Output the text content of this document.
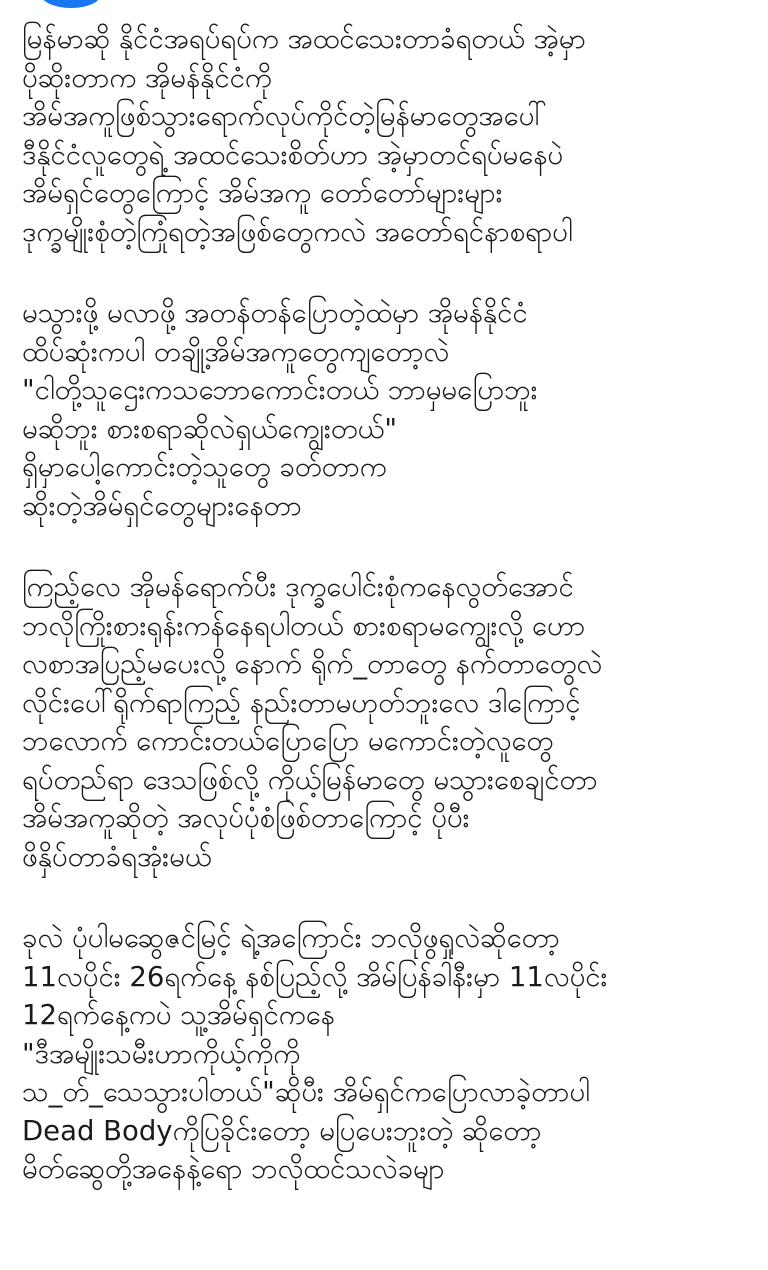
မြန်မာဆို နိုင်ငံအရပ်ရပ်က အထင်သေးတာခံရတယ် အဲ့မှာ
ပိုဆိုးတာက အိုမန်နိုင်ငံကို
အိမ်အကူဖြစ်သွားရောက်လုပ်ကိုင်တဲ့မြန်မာတွေအပေါ်
ဒီနိုင်ငံလူတွေရဲ့ အထင်သေးစိတ်ဟာ အဲ့မှာတင်ရပ်မနေပဲ
အိမ်ရှင်တွေကြောင့် အိမ်အကူ တော်တော်များများ
ဒုက္ခမျိုးစုံတဲ့ကြုံရတဲ့အဖြစ်တွေကလဲ အတော်ရင်နာစရာပါ

မသွားဖို့ မလာဖို့ အတန်တန်ပြောတဲ့ထဲမှာ အိုမန်နိုင်ငံ
ထိပ်ဆုံးကပါ တချို့အိမ်အကူတွေကျတော့လဲ
"ငါတို့သူဌေးကသဘောကောင်းတယ် ဘာမှမပြောဘူး
မဆိုဘူး စားစရာဆိုလဲရှယ်ကျွေးတယ်"
ရှိမှာပေါ့ကောင်းတဲ့သူတွေ ခတ်တာက
ဆိုးတဲ့အိမ်ရှင်တွေများနေတာ

ကြည့်လေ အိုမန်ရောက်ပီး ဒုက္ခပေါင်းစုံကနေလွတ်အောင်
ဘလိုကြိုးစားရုန်းကန်နေရပါတယ် စားစရာမကျွေးလို့ ဟော
လစာအပြည့်မပေးလို့ နောက် ရိုက်_တာတွေ နက်တာတွေလဲ
လိုင်းပေါ်ရိုက်ရာကြည့် နည်းတာမဟုတ်ဘူးလေ ဒါကြောင့်
ဘလောက် ကောင်းတယ်ပြောပြော မကောင်းတဲ့လူတွေ
ရပ်တည်ရာ ဒေသဖြစ်လို့ ကိုယ့်မြန်မာတွေ မသွားစေချင်တာ
အိမ်အကူဆိုတဲ့ အလုပ်ပုံစံဖြစ်တာကြောင့် ပိုပီး
ဖိနှိပ်တာခံရအုံးမယ်

ခုလဲ ပုံပါမဆွေဇင်မြင့် ရဲ့အကြောင်း ဘလိုဖွရှုလဲဆိုတော့
11လပိုင်း 26ရက်နေ့ နစ်ပြည့်လို့ အိမ်ပြန်ခါနီးမှာ 11လပိုင်း
12ရက်နေ့ကပဲ သူ့အိမ်ရှင်ကနေ
"ဒီအမျိုးသမီးဟာကိုယ့်ကိုကို
သ_တ်_သေသွားပါတယ်"ဆိုပီး အိမ်ရှင်ကပြောလာခဲ့တာပါ
Dead Bodyကိုပြခိုင်းတော့ မပြပေးဘူးတဲ့ ဆိုတော့
မိတ်ဆွေတို့အနေနဲ့ရော ဘလိုထင်သလဲခမျာ
